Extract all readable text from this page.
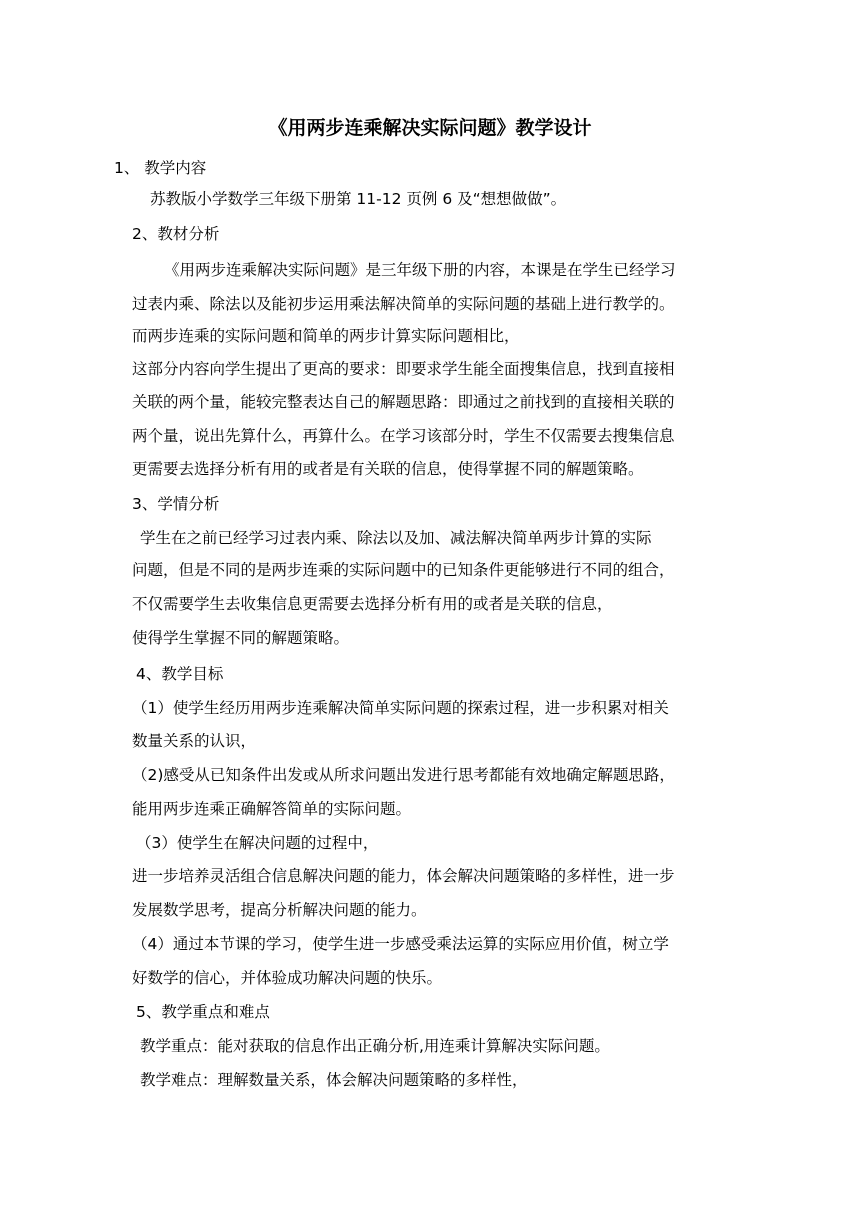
《用两步连乘解决实际问题》教学设计
1、 教学内容
苏教版小学数学三年级下册第 11-12 页例 6 及“想想做做”。
2、教材分析
《用两步连乘解决实际问题》是三年级下册的内容，本课是在学生已经学习
过表内乘、除法以及能初步运用乘法解决简单的实际问题的基础上进行教学的。
而两步连乘的实际问题和简单的两步计算实际问题相比，
这部分内容向学生提出了更高的要求：即要求学生能全面搜集信息，找到直接相
关联的两个量，能较完整表达自己的解题思路：即通过之前找到的直接相关联的
两个量，说出先算什么，再算什么。在学习该部分时，学生不仅需要去搜集信息
更需要去选择分析有用的或者是有关联的信息，使得掌握不同的解题策略。
3、学情分析
学生在之前已经学习过表内乘、除法以及加、减法解决简单两步计算的实际
问题，但是不同的是两步连乘的实际问题中的已知条件更能够进行不同的组合，
不仅需要学生去收集信息更需要去选择分析有用的或者是关联的信息，
使得学生掌握不同的解题策略。
4、教学目标
（1）使学生经历用两步连乘解决简单实际问题的探索过程，进一步积累对相关
数量关系的认识，
（2)感受从已知条件出发或从所求问题出发进行思考都能有效地确定解题思路，
能用两步连乘正确解答简单的实际问题。
（3）使学生在解决问题的过程中，
进一步培养灵活组合信息解决问题的能力，体会解决问题策略的多样性，进一步
发展数学思考，提高分析解决问题的能力。
（4）通过本节课的学习，使学生进一步感受乘法运算的实际应用价值，树立学
好数学的信心，并体验成功解决问题的快乐。
5、教学重点和难点
教学重点：能对获取的信息作出正确分析,用连乘计算解决实际问题。
教学难点：理解数量关系，体会解决问题策略的多样性，
